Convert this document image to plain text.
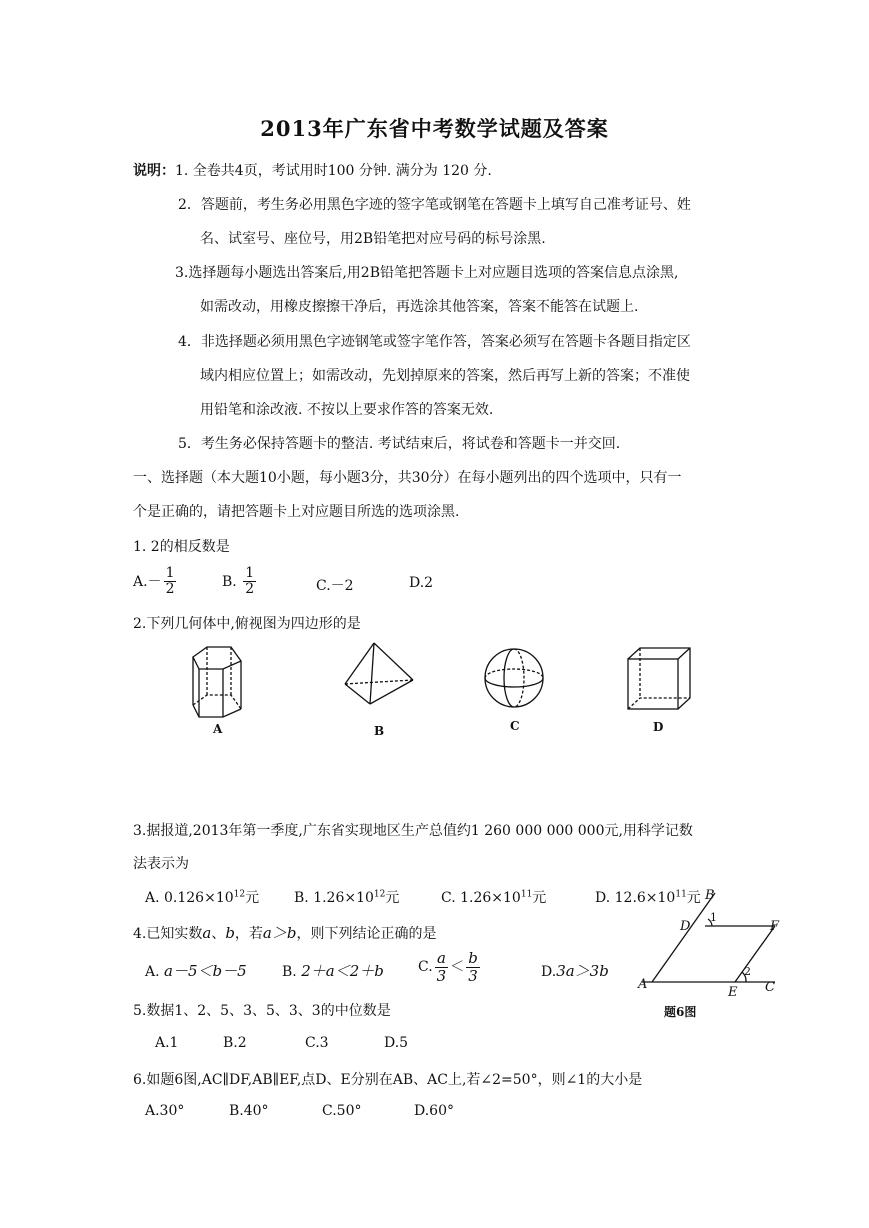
2013年广东省中考数学试题及答案
说明：1. 全卷共4页，考试用时100 分钟. 满分为 120 分.
2．答题前，考生务必用黑色字迹的签字笔或钢笔在答题卡上填写自己准考证号、姓
名、试室号、座位号，用2B铅笔把对应号码的标号涂黑.
3.选择题每小题选出答案后,用2B铅笔把答题卡上对应题目选项的答案信息点涂黑,
如需改动，用橡皮擦擦干净后，再选涂其他答案，答案不能答在试题上.
4．非选择题必须用黑色字迹钢笔或签字笔作答，答案必须写在答题卡各题目指定区
域内相应位置上；如需改动，先划掉原来的答案，然后再写上新的答案；不准使
用铅笔和涂改液. 不按以上要求作答的答案无效.
5．考生务必保持答题卡的整洁. 考试结束后，将试卷和答题卡一并交回.
一、选择题（本大题10小题，每小题3分，共30分）在每小题列出的四个选项中，只有一
个是正确的，请把答题卡上对应题目所选的选项涂黑.
1. 2的相反数是
$A.- \frac{1}{2}$	B. $\frac{1}{2}$	C.－2	D.2
2.下列几何体中,俯视图为四边形的是
A	B	C	D
3.据报道,2013年第一季度,广东省实现地区生产总值约1 260 000 000 000元,用科学记数
法表示为
A. $0.126\times 10^{12}$元 B. $1.26\times 10^{12}$元	C. $1.26\times 10^{11}$元	D. $12.6\times 10^{11}$元
4.已知实数a、b，若a＞b，则下列结论正确的是
A. a－5＜b－5	B. 2＋a＜2＋b C. $\frac{a}{3} < \frac{b}{3}$	D.3a＞3b
5.数据1、2、5、3、5、3、3的中位数是
A.1	B.2	C.3	D.5
6.如题6图,AC∥DF,AB∥EF,点D、E分别在AB、AC上,若∠2=50°，则∠1的大小是
A.30°	B.40°	C.50°	D.60°
A
B
C
D
E
F
1
2
题6图
